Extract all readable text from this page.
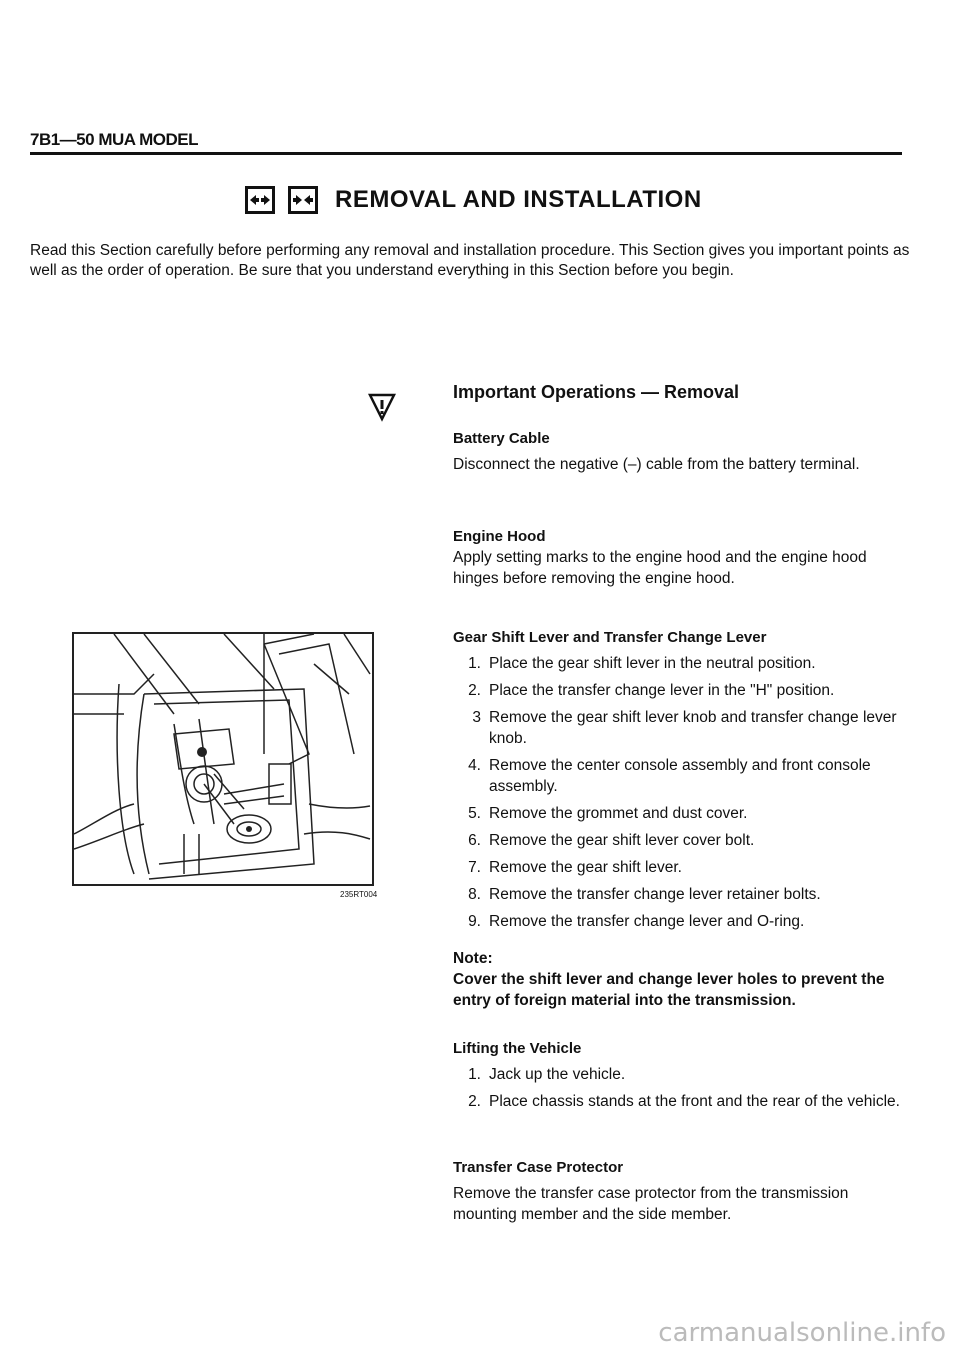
7B1—50 MUA MODEL
REMOVAL AND INSTALLATION

Read this Section carefully before performing any removal and installation procedure. This Section gives you important points as well as the order of operation. Be sure that you understand everything in this Section before you begin.

Important Operations — Removal
Battery Cable

Disconnect the negative (–) cable from the battery terminal.

Engine Hood

Apply setting marks to the engine hood and the engine hood hinges before removing the engine hood.

Gear Shift Lever and Transfer Change Lever
1. Place the gear shift lever in the neutral position.
2. Place the transfer change lever in the "H" position.
3 Remove the gear shift lever knob and transfer change lever knob.
4. Remove the center console assembly and front console assembly.
5. Remove the grommet and dust cover.
6. Remove the gear shift lever cover bolt.
7. Remove the gear shift lever.
8. Remove the transfer change lever retainer bolts.
9. Remove the transfer change lever and O-ring.
Note:
Cover the shift lever and change lever holes to prevent the entry of foreign material into the transmission.
Lifting the Vehicle
1. Jack up the vehicle.
2. Place chassis stands at the front and the rear of the vehicle.
Transfer Case Protector

Remove the transfer case protector from the transmission mounting member and the side member.

235RT004
carmanualsonline.info
